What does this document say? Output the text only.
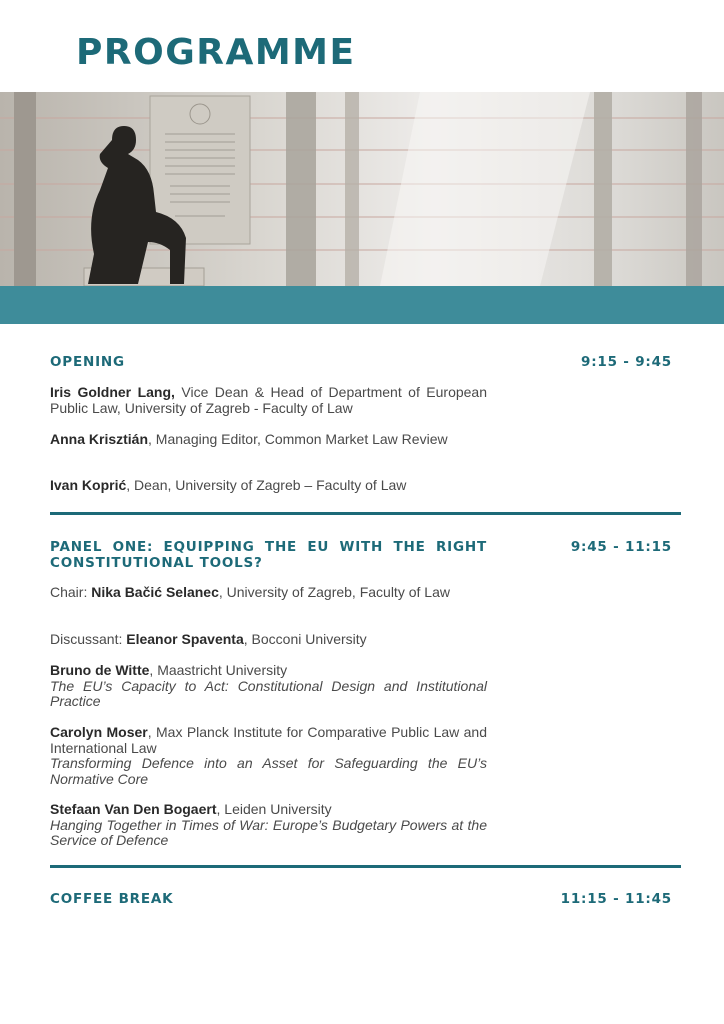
PROGRAMME
OPENING	9:15 - 9:45

Iris Goldner Lang, Vice Dean & Head of Department of European Public Law, University of Zagreb - Faculty of Law

Anna Krisztián, Managing Editor, Common Market Law Review

Ivan Koprić, Dean, University of Zagreb – Faculty of Law

PANEL ONE: EQUIPPING THE EU WITH THE RIGHT CONSTITUTIONAL TOOLS?
9:45 - 11:15

Chair: Nika Bačić Selanec, University of Zagreb, Faculty of Law

Discussant: Eleanor Spaventa, Bocconi University

Bruno de Witte, Maastricht University
The EU’s Capacity to Act: Constitutional Design and Institutional Practice

Carolyn Moser, Max Planck Institute for Comparative Public Law and International Law
Transforming Defence into an Asset for Safeguarding the EU’s Normative Core

Stefaan Van Den Bogaert, Leiden University
Hanging Together in Times of War: Europe’s Budgetary Powers at the Service of Defence

COFFEE BREAK	11:15 - 11:45
